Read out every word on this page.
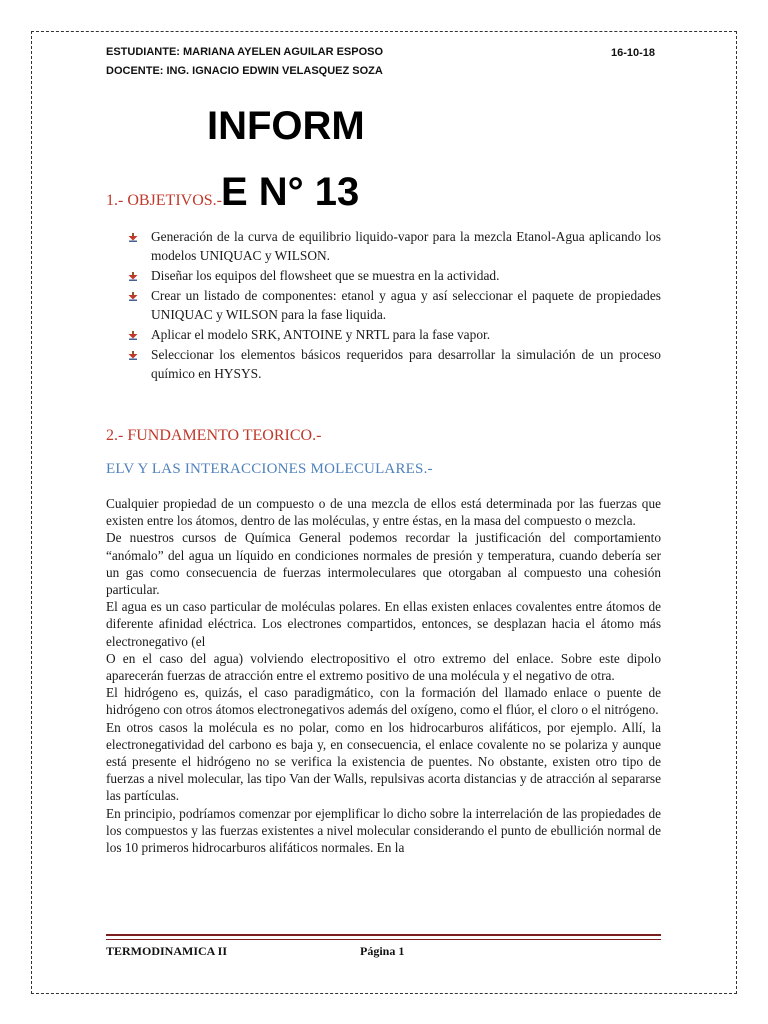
ESTUDIANTE: MARIANA AYELEN AGUILAR ESPOSO
DOCENTE: ING. IGNACIO EDWIN VELASQUEZ SOZA
16-10-18
INFORM
1.- OBJETIVOS.- E N° 13
Generación de la curva de equilibrio liquido-vapor para la mezcla Etanol-Agua aplicando los modelos UNIQUAC y WILSON.
Diseñar los equipos del flowsheet que se muestra en la actividad.
Crear un listado de componentes: etanol y agua y así seleccionar el paquete de propiedades UNIQUAC y WILSON para la fase liquida.
Aplicar el modelo SRK, ANTOINE y NRTL para la fase vapor.
Seleccionar los elementos básicos requeridos para desarrollar la simulación de un proceso químico en HYSYS.
2.- FUNDAMENTO TEORICO.-
ELV Y LAS INTERACCIONES MOLECULARES.-

Cualquier propiedad de un compuesto o de una mezcla de ellos está determinada por las fuerzas que existen entre los átomos, dentro de las moléculas, y entre éstas, en la masa del compuesto o mezcla.

De nuestros cursos de Química General podemos recordar la justificación del comportamiento “anómalo” del agua un líquido en condiciones normales de presión y temperatura, cuando debería ser un gas como consecuencia de fuerzas intermoleculares que otorgaban al compuesto una cohesión particular.

El agua es un caso particular de moléculas polares. En ellas existen enlaces covalentes entre átomos de diferente afinidad eléctrica. Los electrones compartidos, entonces, se desplazan hacia el átomo más electronegativo (el

O en el caso del agua) volviendo electropositivo el otro extremo del enlace. Sobre este dipolo aparecerán fuerzas de atracción entre el extremo positivo de una molécula y el negativo de otra.

El hidrógeno es, quizás, el caso paradigmático, con la formación del llamado enlace o puente de hidrógeno con otros átomos electronegativos además del oxígeno, como el flúor, el cloro o el nitrógeno.

En otros casos la molécula es no polar, como en los hidrocarburos alifáticos, por ejemplo. Allí, la electronegatividad del carbono es baja y, en consecuencia, el enlace covalente no se polariza y aunque está presente el hidrógeno no se verifica la existencia de puentes. No obstante, existen otro tipo de fuerzas a nivel molecular, las tipo Van der Walls, repulsivas acorta distancias y de atracción al separarse las partículas.

En principio, podríamos comenzar por ejemplificar lo dicho sobre la interrelación de las propiedades de los compuestos y las fuerzas existentes a nivel molecular considerando el punto de ebullición normal de los 10 primeros hidrocarburos alifáticos normales. En la

TERMODINAMICA II	Página 1
